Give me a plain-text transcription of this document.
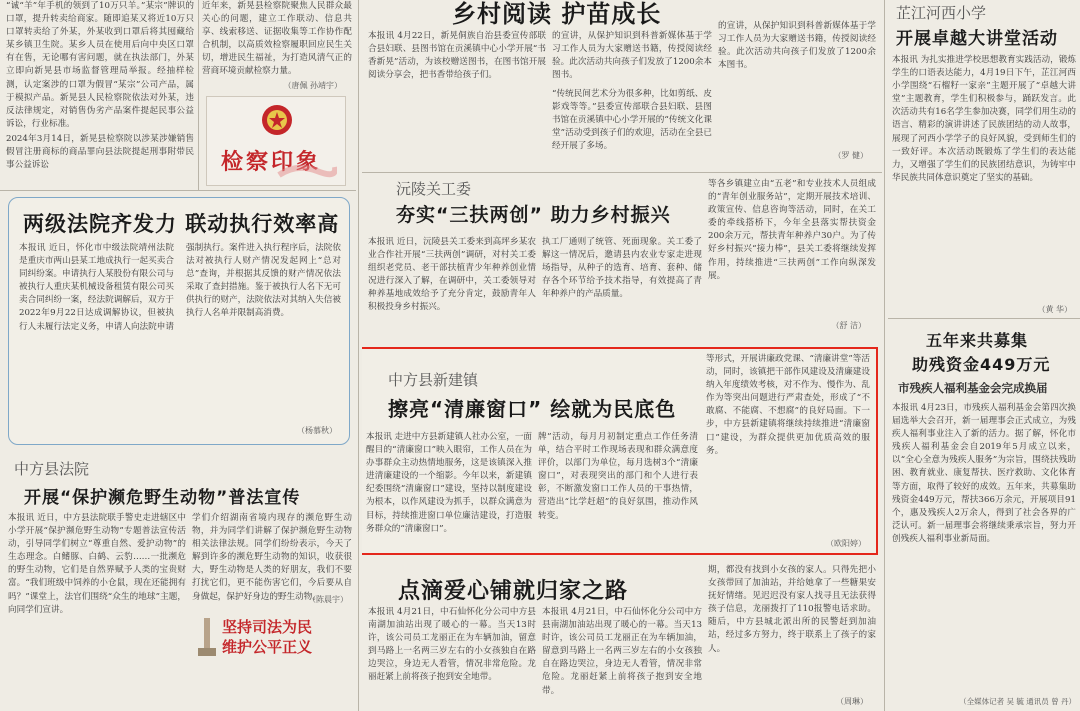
“诚“羊”年手机的领到了10万只羊。”某宗”牌识的口罩，提升转卖给商家。随即追某又将近10万只口罩转卖给了外某，外某收到口罩后将其囤藏给某乡镇卫生院。某乡人员在使用后向中央区口罩有在售，无论哪有害问题，就在执法部门，外某立即向新晃县市场监督管理局举报。经抽样检测，认定案涉的口罩为假冒“某宗”公司产品，属于模拟产品。新晃县人民检察院依法对外某，违反法律规定，对销售伪劣产品案件提起民事公益诉讼，行业标准。
2024年3月14日，新晃县检察院以涉某涉嫌销售假冒注册商标的商品罪向县法院提起刑事附带民事公益诉讼
近年来，新晃县检察院聚焦人民群众最关心的问题，建立工作联动、信息共享、线索移送、证据收集等工作协作配合机制，以高质效检察履职回应民生关切，增进民生福祉，为打造风清气正的营商环境贡献检察力量。
（唐佩 孙靖宇）
检察印象
两级法院齐发力 联动执行效率高
本报讯 近日，怀化市中级法院靖州法院是重庆市两山县某工地成执行一起买卖合同纠纷案。申请执行人某股份有限公司与被执行人重庆某机械设备租赁有限公司买卖合同纠纷一案，经法院调解后，双方于2022年9月22日达成调解协议，但被执行人未履行法定义务，申请人向法院申请强制执行。案件进入执行程序后，法院依法对被执行人财产情况发起网上“总对总”查询，并根据其反馈的财产情况依法采取了查封措施。鉴于被执行人名下无可供执行的财产，法院依法对其纳入失信被执行人名单并限制高消费。
（杨慕秋）
中方县法院
开展“保护濒危野生动物”普法宣传
本报讯 近日，中方县法院联手警史走进辖区中小学开展“保护濒危野生动物”专题普法宣传活动，引导同学们树立“尊重自然、爱护动物”的生态理念。白鳍豚、白鹤、云豹……一批濒危的野生动物，它们是自然界赋予人类的宝贵财富。“我们班级中饲养的小仓鼠，现在还能拥有吗？”课堂上，法官们围绕“众生的地球”主题，向同学们宣讲。
学们介绍湖南省境内现存的濒危野生动物，并为同学们讲解了保护濒危野生动物相关法律法规。同学们纷纷表示，今天了解到许多的濒危野生动物的知识，收获很大，野生动物是人类的好朋友，我们不要打扰它们，更不能伤害它们，今后要从自身做起，保护好身边的野生动物。
（陈晨宇）
坚持司法为民
维护公平正义
乡村阅读 护苗成长
本报讯 4月22日，新晃侗族自治县委宣传部联合县妇联、县图书馆在贡溪镇中心小学开展“书香新晃”活动，为该校赠送图书，在图书馆开展阅读分享会，把书香带给孩子们。
的宣讲，从保护知识到科普新媒体基于学习工作人员为大家赠送书籍，传授阅读经验。此次活动共向孩子们发放了1200余本图书。
“传统民间艺术分为很多种，比如剪纸、皮影戏等等。”县委宣传部联合县妇联、县图书馆在贡溪镇中心小学开展的“传统文化课堂”活动受到孩子们的欢迎，活动在全县已经开展了多场。
的宣讲，从保护知识到科普新媒体基于学习工作人员为大家赠送书籍，传授阅读经验。此次活动共向孩子们发放了1200余本图书。
（罗 健）
沅陵关工委
夯实“三扶两创” 助力乡村振兴
本报讯 近日，沅陵县关工委来到高坪乡某农业合作社开展“三扶两创”调研，对村关工委组织老党员、老干部扶植青少年种养创业情况进行深入了解，在调研中，关工委领导对种养基地成效给予了充分肯定，鼓励青年人积极投身乡村振兴。
执工厂通则了统管、死面现象。关工委了解这一情况后，邀请县内农业专家走进现场指导，从种子的选育、培育、套种、储存各个环节给予技术指导，有效提高了青年种养户的产品质量。
等各乡镇建立由“五老”和专业技术人员组成的“青年创业服务站”，定期开展技术培训、政策宣传、信息咨询等活动，同时，在关工委的牵线搭桥下，今年全县落实帮扶资金200余万元，帮扶青年种养户30户。为了传好乡村振兴“接力棒”，县关工委将继续发挥作用，持续推进“三扶两创”工作向纵深发展。
（舒 洁）
中方县新建镇
擦亮“清廉窗口” 绘就为民底色
本报讯 走进中方县新建镇人社办公室，一面醒目的“清廉窗口”映入眼帘，工作人员在为办事群众主动热情地服务，这是该镇深入推进清廉建设的一个缩影。今年以来，新建镇纪委围绕“清廉窗口”建设，坚持以制度建设为根本，以作风建设为抓手，以群众满意为目标，持续推进窗口单位廉洁建设，打造服务群众的“清廉窗口”。
牌”活动，每月月初制定重点工作任务清单，结合平时工作现场表现和群众满意度评价，以部门为单位，每月选树3个“清廉窗口”，对表现突出的部门和个人进行表彰，不断激发窗口工作人员的干事热情，营造出“比学赶超”的良好氛围，推动作风转变。
等形式，开展讲廉政党课、“清廉讲堂”等活动，同时，该镇把干部作风建设及清廉建设纳入年度绩效考核，对不作为、慢作为、乱作为等突出问题进行严肃查处，形成了“不敢腐、不能腐、不想腐”的良好局面。下一步，中方县新建镇将继续持续推进“清廉窗口”建设，为群众提供更加优质高效的服务。
（欧阳婷）
点滴爱心铺就归家之路
本报讯 4月21日，中石仙怀化分公司中方县南湖加油站出现了暖心的一幕。当天13时许，该公司员工龙丽正在为车辆加油，留意到马路上一名两三岁左右的小女孩独自在路边哭泣，身边无人看管，情况非常危险。龙丽赶紧上前将孩子抱到安全地带。
本报讯 4月21日，中石仙怀化分公司中方县南湖加油站出现了暖心的一幕。当天13时许，该公司员工龙丽正在为车辆加油，留意到马路上一名两三岁左右的小女孩独自在路边哭泣，身边无人看管，情况非常危险。龙丽赶紧上前将孩子抱到安全地带。
期，都没有找到小女孩的家人。只得先把小女孩带回了加油站，并给她拿了一些糖果安抚好情绪。见迟迟没有家人找寻且无法获得孩子信息，龙丽拨打了110报警电话求助。随后，中方县城北派出所的民警赶到加油站，经过多方努力，终于联系上了孩子的家人。
（周琳）
芷江河西小学
开展卓越大讲堂活动
本报讯 为扎实推进学校思想教育实践活动，锻炼学生的口语表达能力，4月19日下午，芷江河西小学围绕“石榴籽一家亲”主题开展了“卓越大讲堂”主题教育，学生们积极参与，踊跃发言。此次活动共有16名学生参加决赛，同学们用生动的语言、精彩的演讲讲述了民族团结的动人故事，展现了河西小学学子的良好风貌，受到师生们的一致好评。本次活动既锻炼了学生们的表达能力，又增强了学生们的民族团结意识，为铸牢中华民族共同体意识奠定了坚实的基础。
（黄 华）
五年来共募集
助残资金449万元
市残疾人福利基金会完成换届
本报讯 4月23日，市残疾人福利基金会第四次换届选举大会召开，新一届理事会正式成立，为残疾人福利事业注入了新的活力。据了解，怀化市残疾人福利基金会自2019年5月成立以来，以“全心全意为残疾人服务”为宗旨，围绕扶残助困、教育就业、康复帮扶、医疗救助、文化体育等方面，取得了较好的成效。五年来，共募集助残资金449万元，帮扶366万余元，开展项目91个，惠及残疾人2万余人，得到了社会各界的广泛认可。新一届理事会将继续秉承宗旨，努力开创残疾人福利事业新局面。
（全媒体记者 吴 毓 通讯员 曾 丹）
